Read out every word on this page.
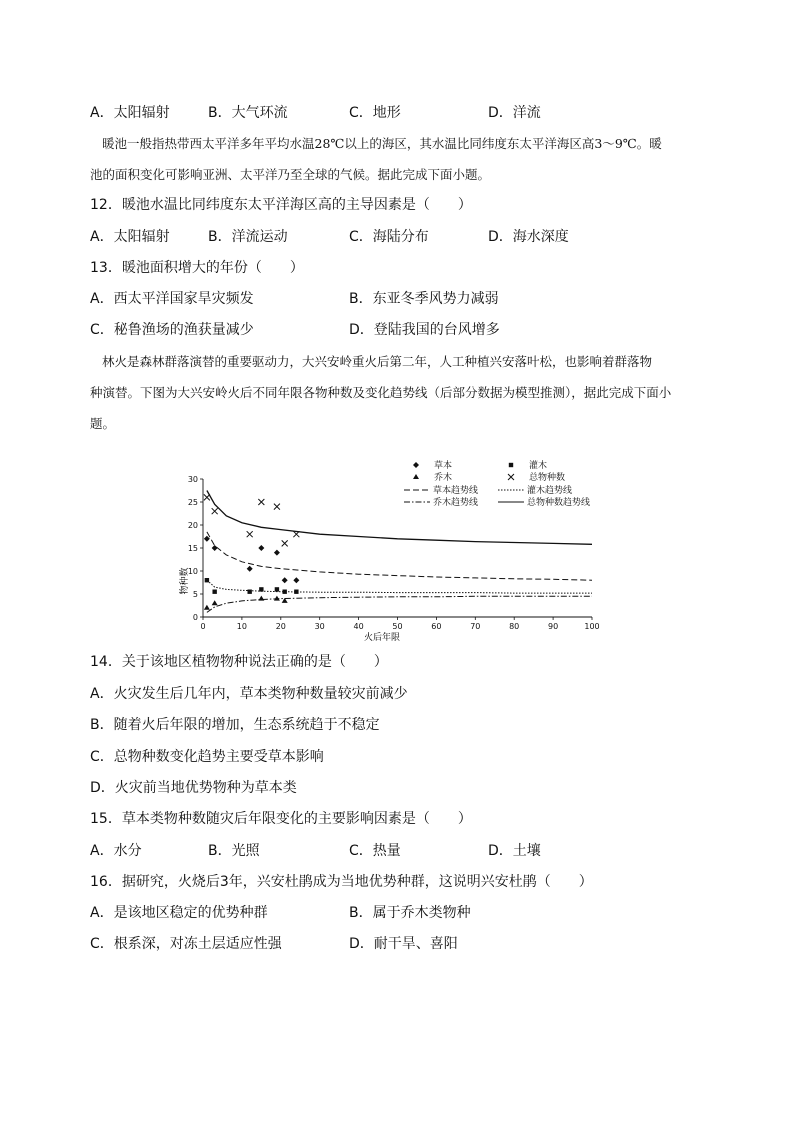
A．太阳辐射	B．大气环流	C．地形	D．洋流
暖池一般指热带西太平洋多年平均水温28℃以上的海区，其水温比同纬度东太平洋海区高3～9℃。暖
池的面积变化可影响亚洲、太平洋乃至全球的气候。据此完成下面小题。
12．暖池水温比同纬度东太平洋海区高的主导因素是（　　）
A．太阳辐射	B．洋流运动	C．海陆分布	D．海水深度
13．暖池面积增大的年份（　　）
A．西太平洋国家旱灾频发	B．东亚冬季风势力减弱
C．秘鲁渔场的渔获量减少	D．登陆我国的台风增多
林火是森林群落演替的重要驱动力，大兴安岭重火后第二年，人工种植兴安落叶松，也影响着群落物
种演替。下图为大兴安岭火后不同年限各物种数及变化趋势线（后部分数据为模型推测），据此完成下面小
题。
0	10	20	30	40	50	60	70	80	90	100
0
5
10
15
20
25
30
草本	灌木
乔木	总物种数
草本趋势线	灌木趋势线
乔木趋势线	总物种数趋势线
火后年限
物种数
14．关于该地区植物物种说法正确的是（　　）
A．火灾发生后几年内，草本类物种数量较灾前减少
B．随着火后年限的增加，生态系统趋于不稳定
C．总物种数变化趋势主要受草本影响
D．火灾前当地优势物种为草本类
15．草本类物种数随灾后年限变化的主要影响因素是（　　）
A．水分	B．光照	C．热量	D．土壤
16．据研究，火烧后3年，兴安杜鹃成为当地优势种群，这说明兴安杜鹃（　　）
A．是该地区稳定的优势种群	B．属于乔木类物种
C．根系深，对冻土层适应性强	D．耐干旱、喜阳
